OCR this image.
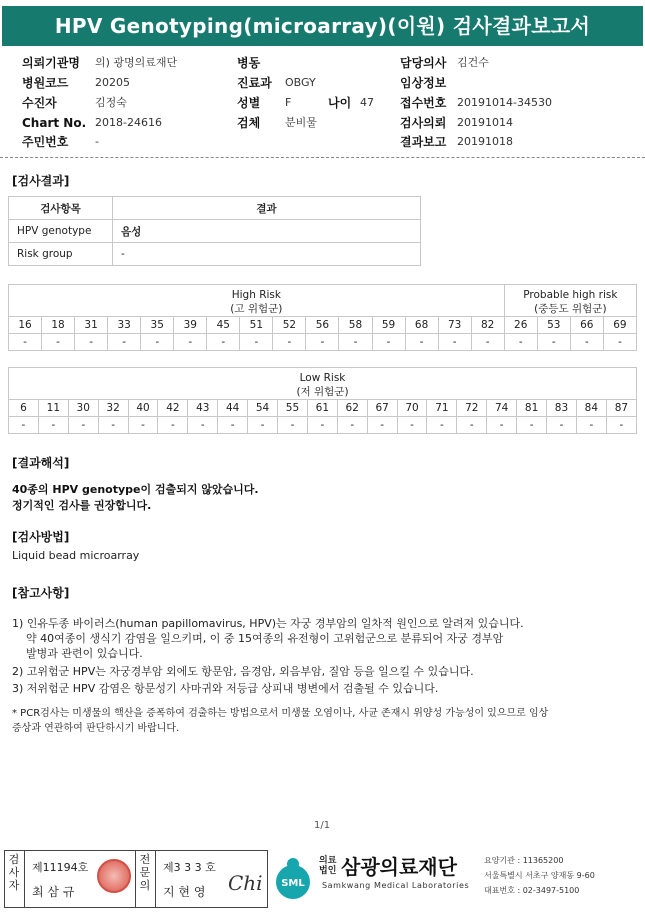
HPV Genotyping(microarray)(이원) 검사결과보고서
의뢰기관명 의) 광명의료재단
병원코드 20205
수진자	김정숙
Chart No. 2018-24616
주민번호 -
병동
진료과 OBGY
성별 F	나이 47
검체 분비물
담당의사 김건수
임상정보
접수번호 20191014-34530
검사의뢰 20191014
결과보고 20191018
[검사결과]
검사항목	결과
HPV genotype	음성
Risk group	-
High Risk
(고 위험군)															Probable high risk
(중등도 위험군)			
16	18	31	33	35	39	45	51	52	56	58	59	68	73	82	26	53	66	69
-	-	-	-	-	-	-	-	-	-	-	-	-	-	-	-	-	-	-
Low Risk
(저 위험군)																				
6	11	30	32	40	42	43	44	54	55	61	62	67	70	71	72	74	81	83	84	87
-	-	-	-	-	-	-	-	-	-	-	-	-	-	-	-	-	-	-	-	-
[결과해석]
40종의 HPV genotype이 검출되지 않았습니다.
정기적인 검사를 권장합니다.
[검사방법]
Liquid bead microarray
[참고사항]
1) 인유두종 바이러스(human papillomavirus, HPV)는 자궁 경부암의 일차적 원인으로 알려져 있습니다.
약 40여종이 생식기 감염을 일으키며, 이 중 15여종의 유전형이 고위험군으로 분류되어 자궁 경부암
발병과 관련이 있습니다.
2) 고위험군 HPV는 자궁경부암 외에도 항문암, 음경암, 외음부암, 질암 등을 일으킬 수 있습니다.
3) 저위험군 HPV 감염은 항문성기 사마귀와 저등급 상피내 병변에서 검출될 수 있습니다.
* PCR검사는 미생물의 핵산을 증폭하여 검출하는 방법으로서 미생물 오염이나, 사균 존재시 위양성 가능성이 있으므로 임상
증상과 연관하여 판단하시기 바랍니다.
1/1
검사자
제11194호
최 삼 규
전문의
제3 3 3 호
지 현 영 Chi SML
의료법인 삼광의료재단
Samkwang Medical Laboratories
요양기관 : 11365200
서울특별시 서초구 양재동 9-60
대표번호 : 02-3497-5100
